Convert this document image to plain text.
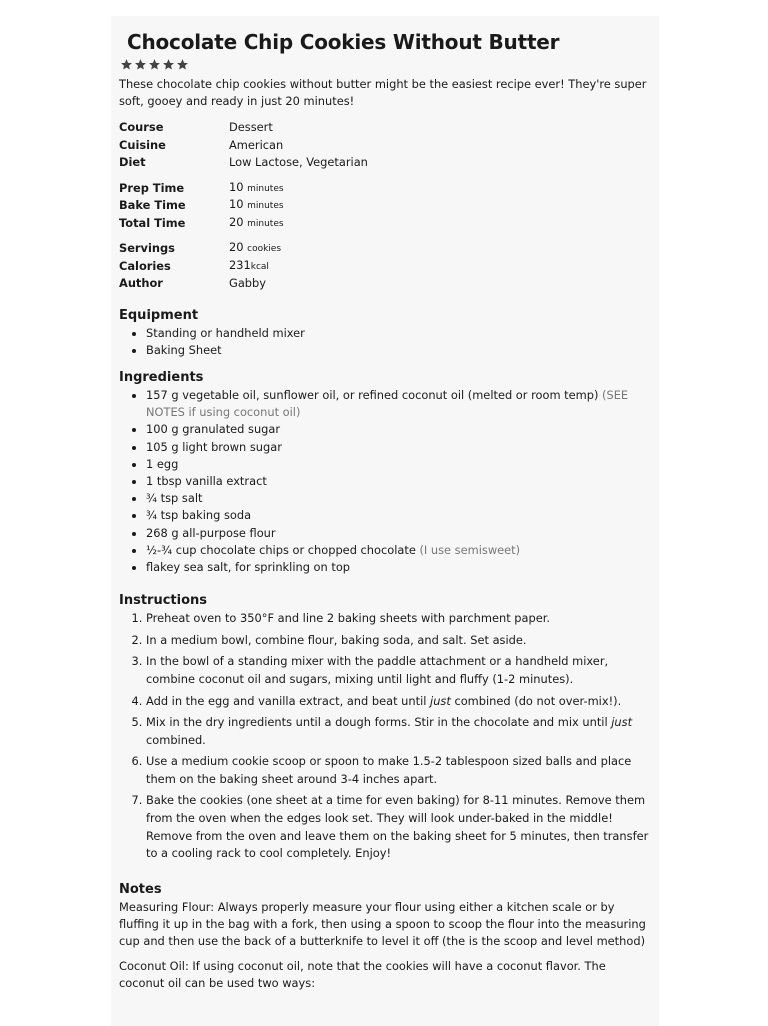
Chocolate Chip Cookies Without Butter

These chocolate chip cookies without butter might be the easiest recipe ever! They're super soft, gooey and ready in just 20 minutes!

Course	Dessert
Cuisine	American
Diet	Low Lactose, Vegetarian
Prep Time	10 minutes
Bake Time	10 minutes
Total Time	20 minutes
Servings	20 cookies
Calories	231kcal
Author	Gabby
Equipment
• Standing or handheld mixer
• Baking Sheet
Ingredients
• 157 g vegetable oil, sunflower oil, or refined coconut oil (melted or room temp) (SEE NOTES if using coconut oil)
• 100 g granulated sugar
• 105 g light brown sugar
• 1 egg
• 1 tbsp vanilla extract
• ¾ tsp salt
• ¾ tsp baking soda
• 268 g all-purpose flour
• ½-¾ cup chocolate chips or chopped chocolate (I use semisweet)
• flakey sea salt, for sprinkling on top
Instructions
1. Preheat oven to 350°F and line 2 baking sheets with parchment paper.
2. In a medium bowl, combine flour, baking soda, and salt. Set aside.
3. In the bowl of a standing mixer with the paddle attachment or a handheld mixer, combine coconut oil and sugars, mixing until light and fluffy (1-2 minutes).
4. Add in the egg and vanilla extract, and beat until just combined (do not over-mix!).
5. Mix in the dry ingredients until a dough forms. Stir in the chocolate and mix until just combined.
6. Use a medium cookie scoop or spoon to make 1.5-2 tablespoon sized balls and place them on the baking sheet around 3-4 inches apart.
7. Bake the cookies (one sheet at a time for even baking) for 8-11 minutes. Remove them from the oven when the edges look set. They will look under-baked in the middle! Remove from the oven and leave them on the baking sheet for 5 minutes, then transfer to a cooling rack to cool completely. Enjoy!
Notes

Measuring Flour: Always properly measure your flour using either a kitchen scale or by fluffing it up in the bag with a fork, then using a spoon to scoop the flour into the measuring cup and then use the back of a butterknife to level it off (the is the scoop and level method)

Coconut Oil: If using coconut oil, note that the cookies will have a coconut flavor. The coconut oil can be used two ways:
